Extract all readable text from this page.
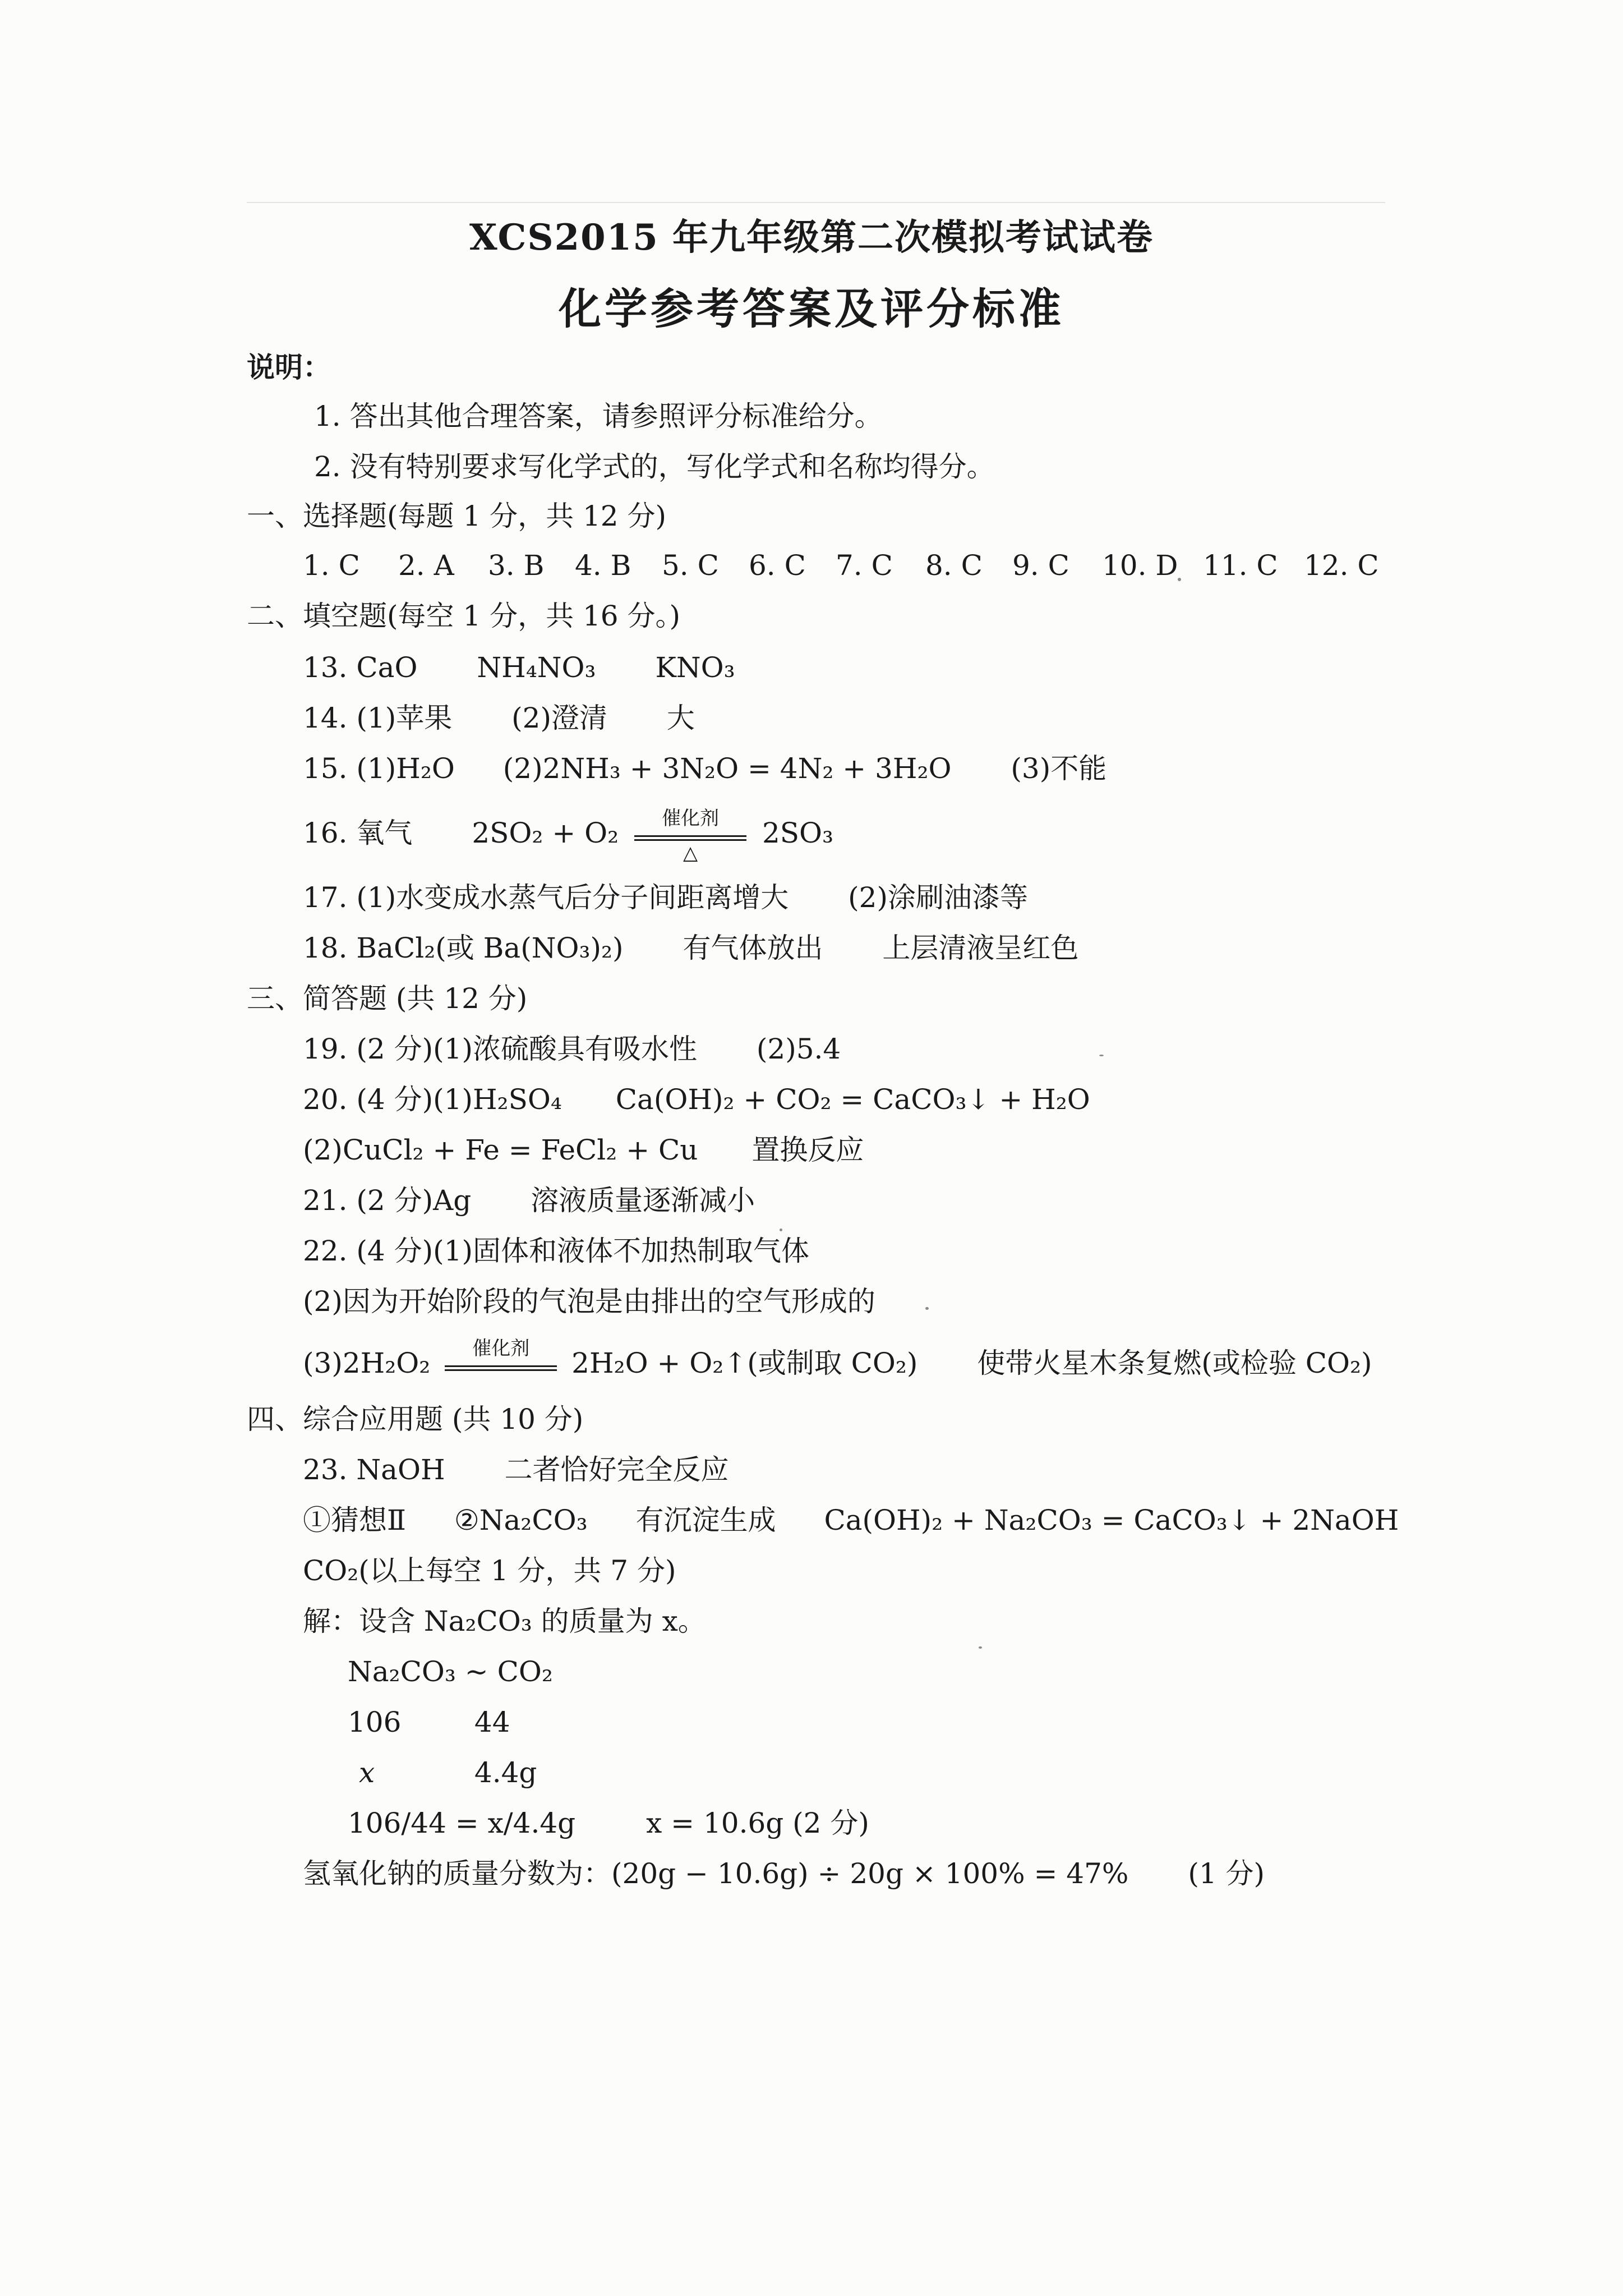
XCS2015 年九年级第二次模拟考试试卷
化学参考答案及评分标准
说明：
1. 答出其他合理答案，请参照评分标准给分。
2. 没有特别要求写化学式的，写化学式和名称均得分。
一、选择题(每题 1 分，共 12 分)
1. C 2. A 3. B 4. B 5. C 6. C 7. C 8. C 9. C 10. D 11. C 12. C
二、填空题(每空 1 分，共 16 分。)
13. CaO NH₄NO₃ KNO₃
14. (1)苹果 (2)澄清 大
15. (1)H₂O (2)2NH₃ + 3N₂O = 4N₂ + 3H₂O (3)不能
16. 氧气 2SO₂ + O₂	催化剂
△
2SO₃
17. (1)水变成水蒸气后分子间距离增大 (2)涂刷油漆等
18. BaCl₂(或 Ba(NO₃)₂) 有气体放出 上层清液呈红色
三、简答题 (共 12 分)
19. (2 分)(1)浓硫酸具有吸水性 (2)5.4
20. (4 分)(1)H₂SO₄ Ca(OH)₂ + CO₂ = CaCO₃↓ + H₂O
(2)CuCl₂ + Fe = FeCl₂ + Cu 置换反应
21. (2 分)Ag 溶液质量逐渐减小
22. (4 分)(1)固体和液体不加热制取气体
(2)因为开始阶段的气泡是由排出的空气形成的
(3)2H₂O₂	催化剂	2H₂O + O₂↑(或制取 CO₂) 使带火星木条复燃(或检验 CO₂)
四、综合应用题 (共 10 分)
23. NaOH 二者恰好完全反应
①猜想Ⅱ ②Na₂CO₃ 有沉淀生成 Ca(OH)₂ + Na₂CO₃ = CaCO₃↓ + 2NaOH
CO₂(以上每空 1 分，共 7 分)
解：设含 Na₂CO₃ 的质量为 x。
Na₂CO₃ ~ CO₂
106	44
x	4.4g
106/44 = x/4.4g	x = 10.6g (2 分)
氢氧化钠的质量分数为：(20g − 10.6g) ÷ 20g × 100% = 47% (1 分)
